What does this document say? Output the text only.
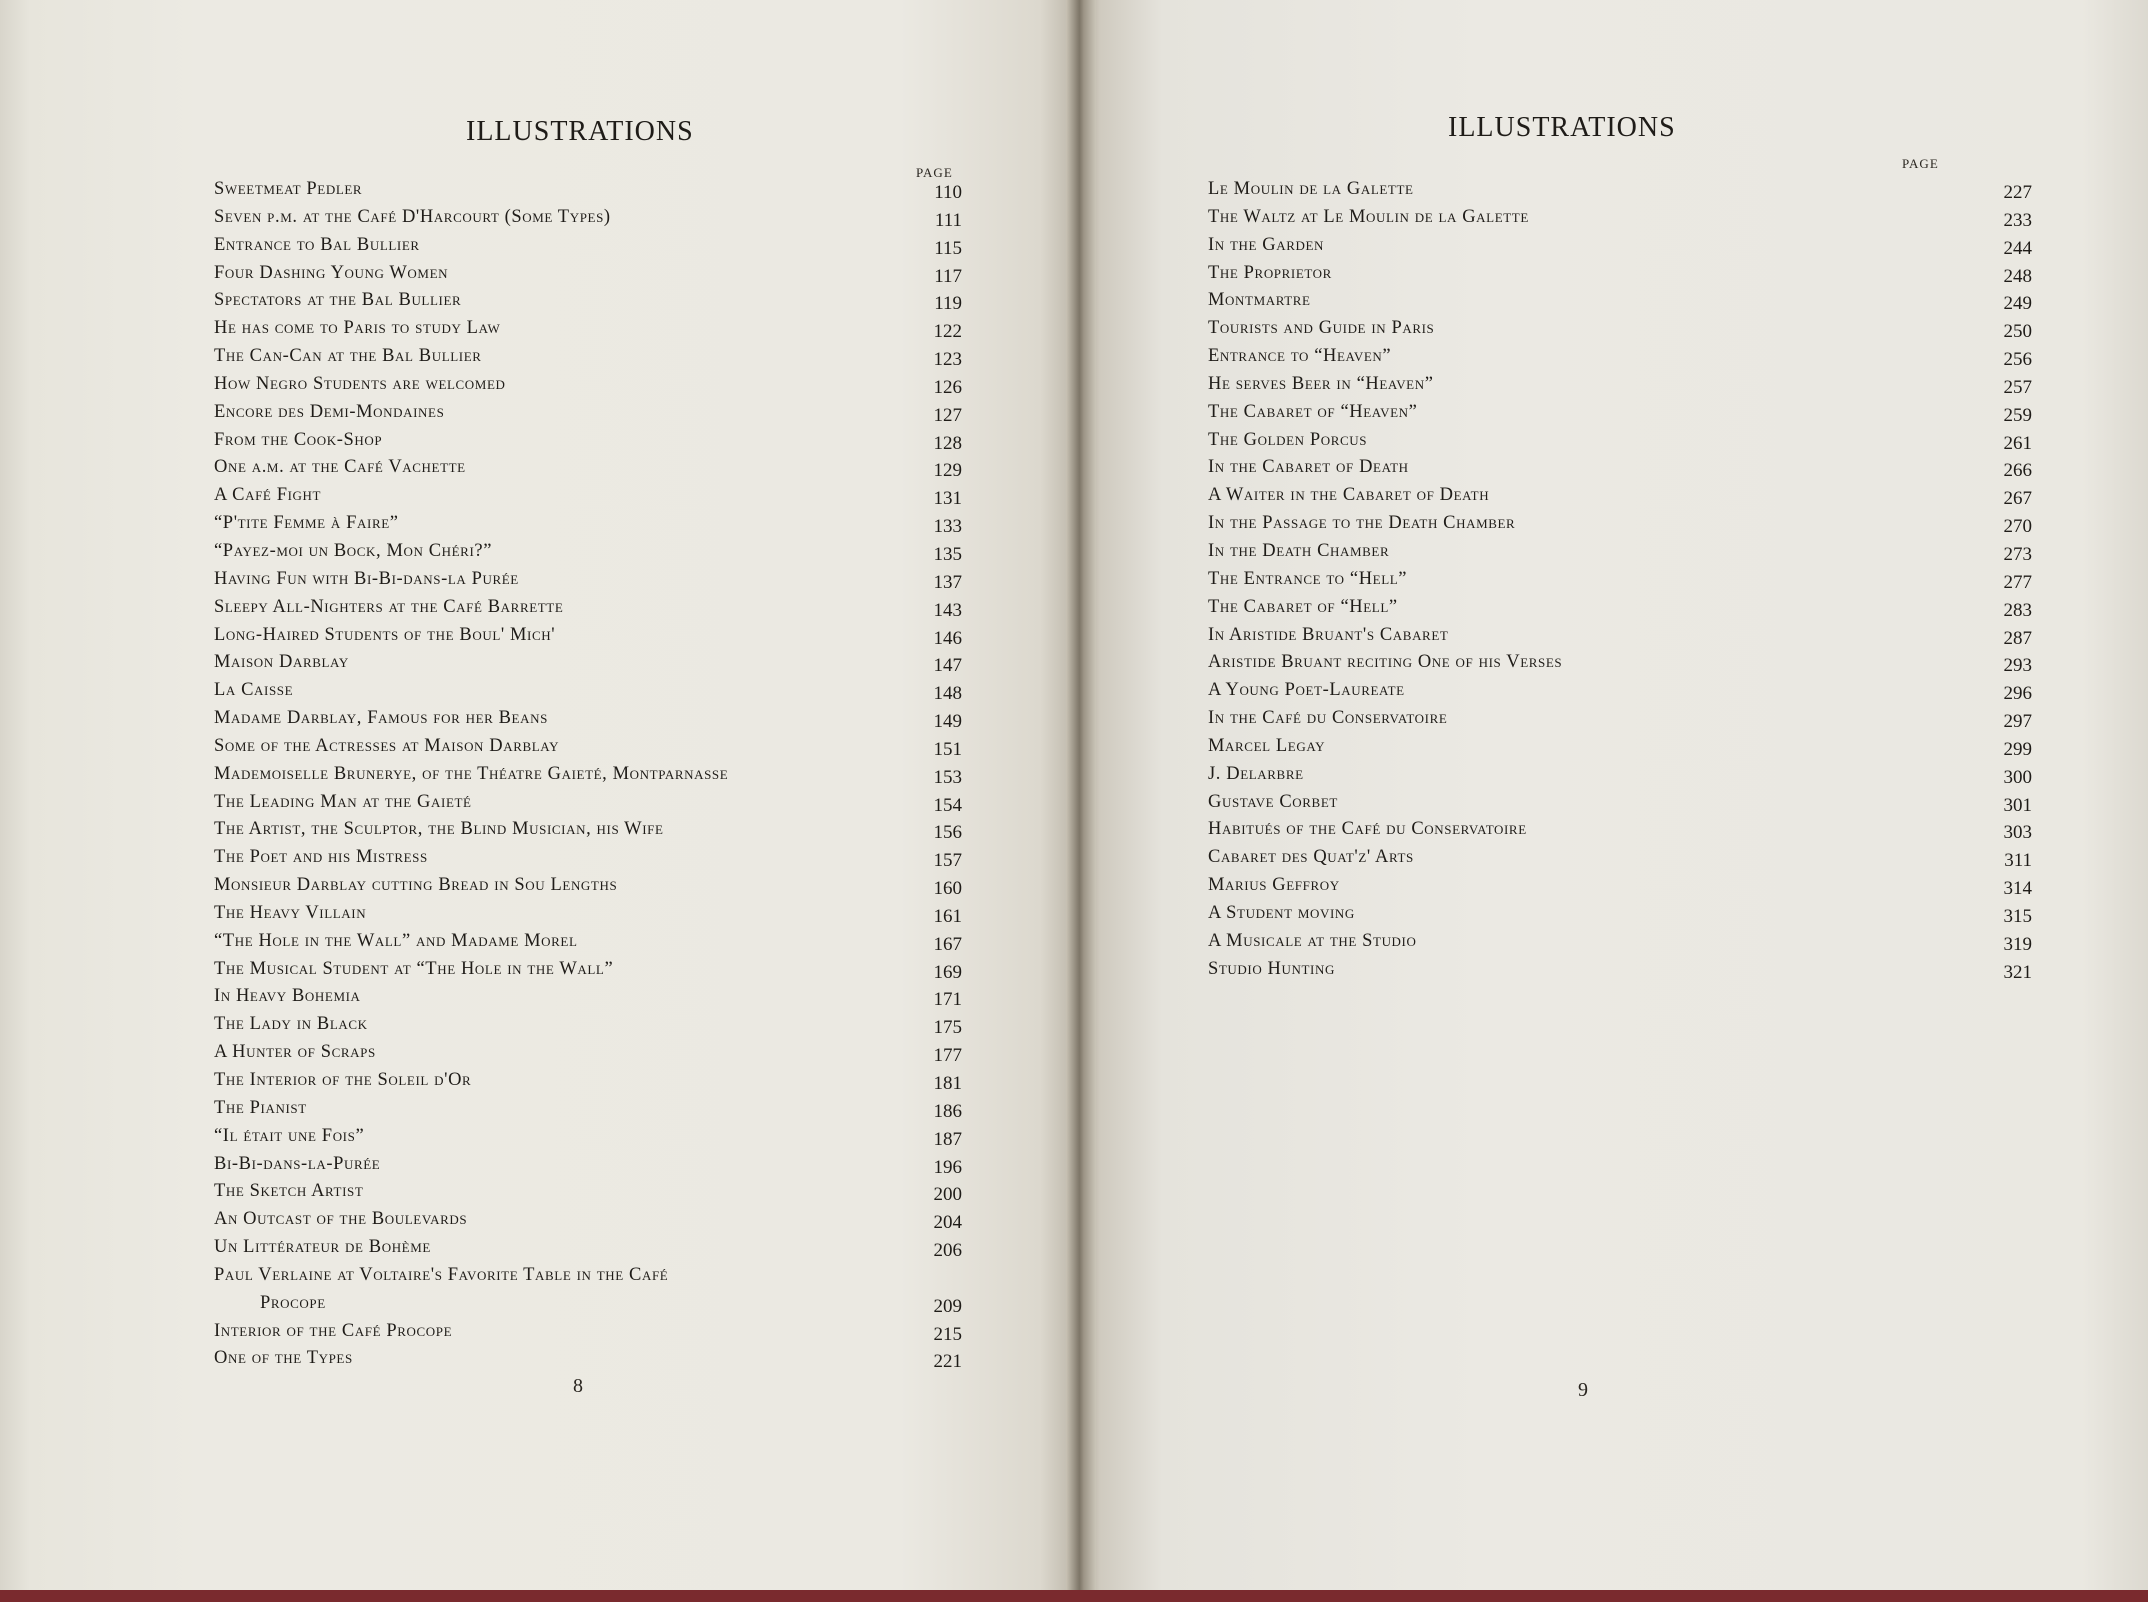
ILLUSTRATIONS
PAGE
Sweetmeat Pedler	110
Seven p.m. at the Café D'Harcourt (Some Types)	111
Entrance to Bal Bullier	115
Four Dashing Young Women	117
Spectators at the Bal Bullier	119
He has come to Paris to study Law	122
The Can-Can at the Bal Bullier	123
How Negro Students are welcomed	126
Encore des Demi-Mondaines	127
From the Cook-Shop	128
One a.m. at the Café Vachette	129
A Café Fight	131
“P'tite Femme à Faire”	133
“Payez-moi un Bock, Mon Chéri?”	135
Having Fun with Bi-Bi-dans-la Purée	137
Sleepy All-Nighters at the Café Barrette	143
Long-Haired Students of the Boul' Mich'	146
Maison Darblay	147
La Caisse	148
Madame Darblay, Famous for her Beans	149
Some of the Actresses at Maison Darblay	151
Mademoiselle Brunerye, of the Théatre Gaieté, Montparnasse	153
The Leading Man at the Gaieté	154
The Artist, the Sculptor, the Blind Musician, his Wife	156
The Poet and his Mistress	157
Monsieur Darblay cutting Bread in Sou Lengths	160
The Heavy Villain	161
“The Hole in the Wall” and Madame Morel	167
The Musical Student at “The Hole in the Wall”	169
In Heavy Bohemia	171
The Lady in Black	175
A Hunter of Scraps	177
The Interior of the Soleil d'Or	181
The Pianist	186
“Il était une Fois”	187
Bi-Bi-dans-la-Purée	196
The Sketch Artist	200
An Outcast of the Boulevards	204
Un Littérateur de Bohème	206
Paul Verlaine at Voltaire's Favorite Table in the Café
Procope	209
Interior of the Café Procope	215
One of the Types	221
8
ILLUSTRATIONS
PAGE
Le Moulin de la Galette	227
The Waltz at Le Moulin de la Galette	233
In the Garden	244
The Proprietor	248
Montmartre	249
Tourists and Guide in Paris	250
Entrance to “Heaven”	256
He serves Beer in “Heaven”	257
The Cabaret of “Heaven”	259
The Golden Porcus	261
In the Cabaret of Death	266
A Waiter in the Cabaret of Death	267
In the Passage to the Death Chamber	270
In the Death Chamber	273
The Entrance to “Hell”	277
The Cabaret of “Hell”	283
In Aristide Bruant's Cabaret	287
Aristide Bruant reciting One of his Verses	293
A Young Poet-Laureate	296
In the Café du Conservatoire	297
Marcel Legay	299
J. Delarbre	300
Gustave Corbet	301
Habitués of the Café du Conservatoire	303
Cabaret des Quat'z' Arts	311
Marius Geffroy	314
A Student moving	315
A Musicale at the Studio	319
Studio Hunting	321
9
